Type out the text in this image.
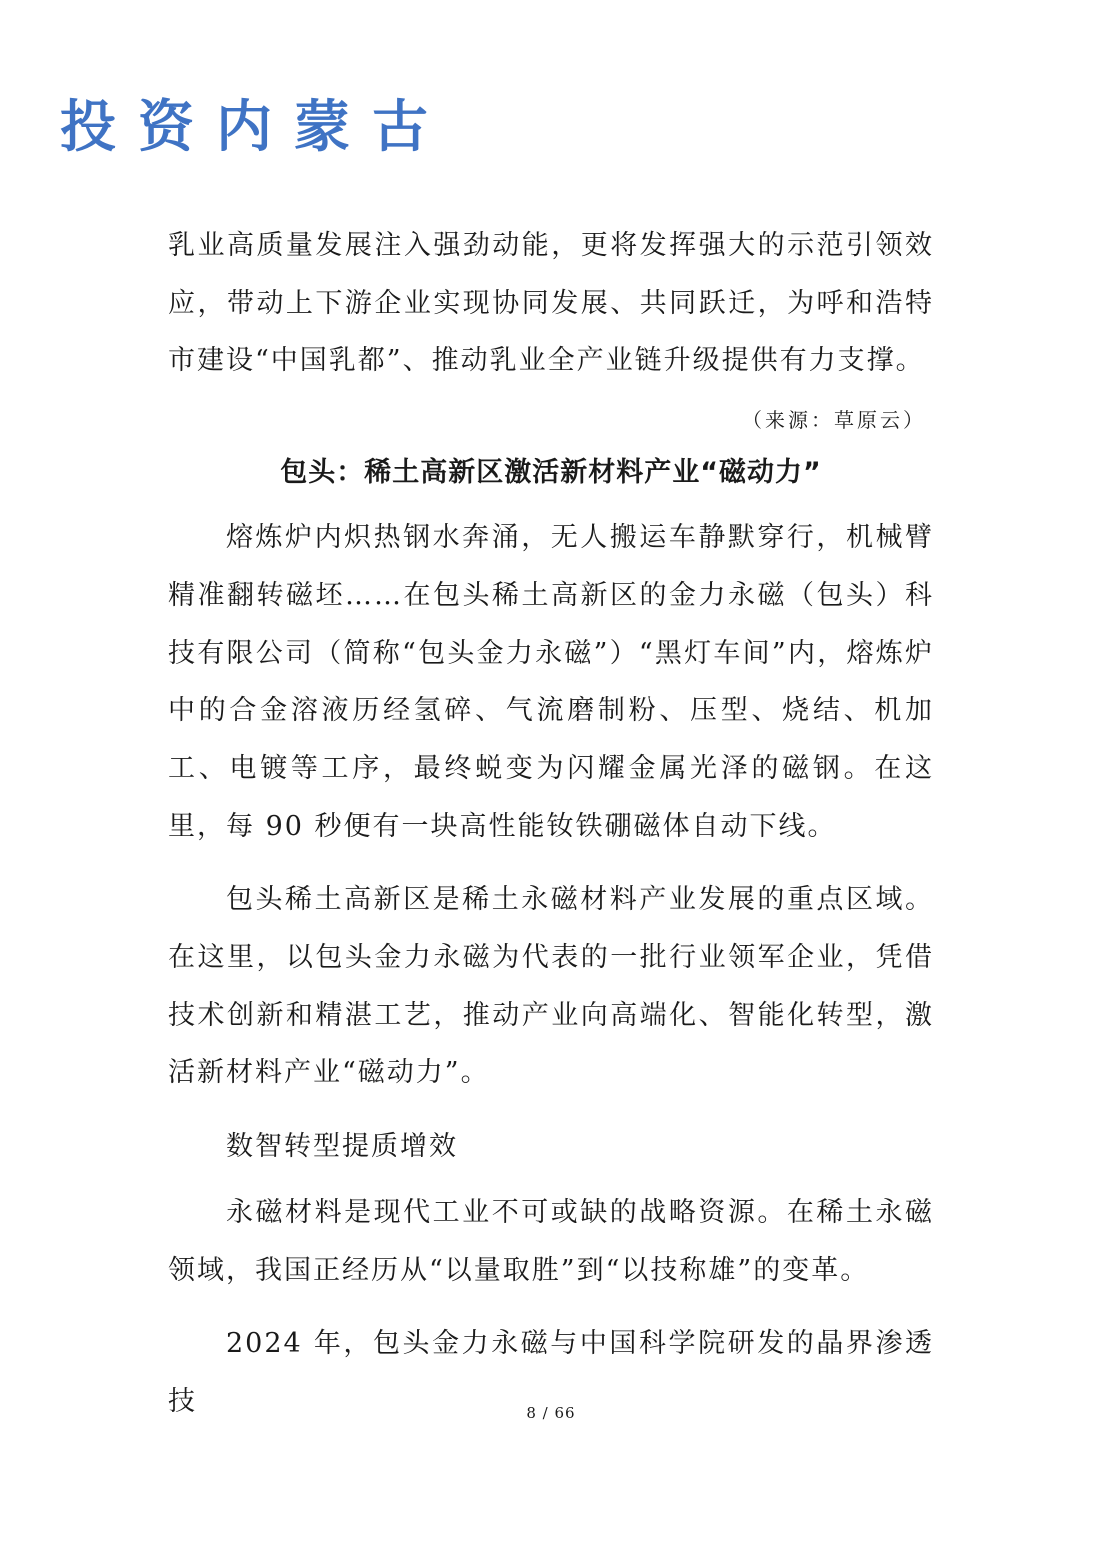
投资内蒙古

乳业高质量发展注入强劲动能，更将发挥强大的示范引领效应，带动上下游企业实现协同发展、共同跃迁，为呼和浩特市建设“中国乳都”、推动乳业全产业链升级提供有力支撑。

（来源：草原云）
包头：稀土高新区激活新材料产业“磁动力”

熔炼炉内炽热钢水奔涌，无人搬运车静默穿行，机械臂精准翻转磁坯……在包头稀土高新区的金力永磁（包头）科技有限公司（简称“包头金力永磁”）“黑灯车间”内，熔炼炉中的合金溶液历经氢碎、气流磨制粉、压型、烧结、机加工、电镀等工序，最终蜕变为闪耀金属光泽的磁钢。在这里，每 90 秒便有一块高性能钕铁硼磁体自动下线。

包头稀土高新区是稀土永磁材料产业发展的重点区域。在这里，以包头金力永磁为代表的一批行业领军企业，凭借技术创新和精湛工艺，推动产业向高端化、智能化转型，激活新材料产业“磁动力”。

数智转型提质增效

永磁材料是现代工业不可或缺的战略资源。在稀土永磁领域，我国正经历从“以量取胜”到“以技称雄”的变革。

2024 年，包头金力永磁与中国科学院研发的晶界渗透技	8 / 66
